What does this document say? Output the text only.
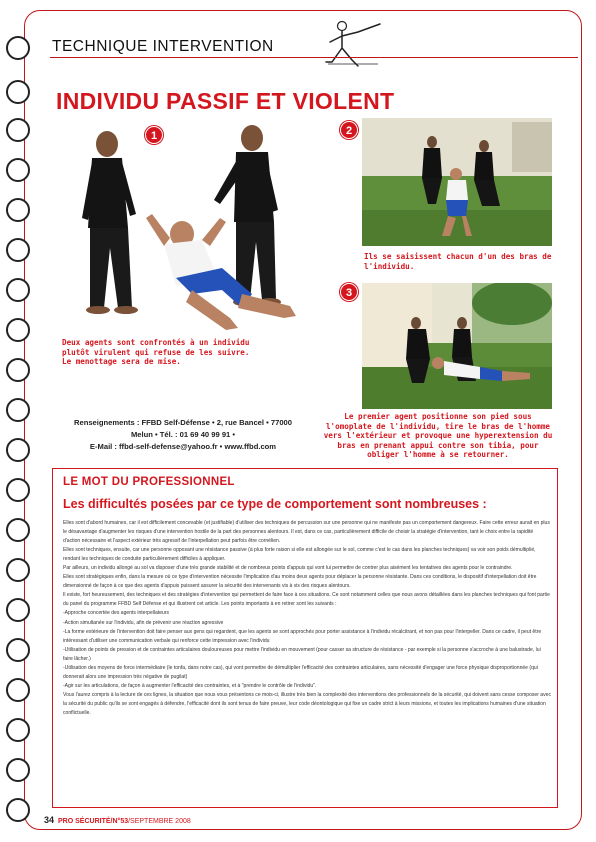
TECHNIQUE INTERVENTION
INDIVIDU PASSIF ET VIOLENT
1	2
3
Deux agents sont confrontés à un individu plutôt virulent qui refuse de les suivre. Le menottage sera de mise.
Ils se saisissent chacun d'un des bras de l'individu.
Le premier agent positionne son pied sous l'omoplate de l'individu, tire le bras de l'homme vers l'extérieur et provoque une hyperextension du bras en prenant appui contre son tibia, pour obliger l'homme à se retourner.
Renseignements : FFBD Self-Défense • 2, rue Bancel • 77000
Melun • Tél. : 01 69 40 99 91 •
E-Mail : ffbd-self-defense@yahoo.fr • www.ffbd.com
LE MOT DU PROFESSIONNEL
Les difficultés posées par ce type de comportement sont nombreuses :

Elles sont d'abord humaines, car il est difficilement concevable (et justifiable) d'utiliser des techniques de percussion sur une personne qui ne manifeste pas un comportement dangereux. Faire cette erreur aurait en plus le désavantage d'augmenter les risques d'une intervention hostile de la part des personnes alentours. Il est, dans ce cas, particulièrement difficile de choisir la stratégie d'intervention, tant le choix entre la rapidité d'action nécessaire et l'aspect extérieur très agressif de l'interpellation peut parfois être cornélien.

Elles sont techniques, ensuite, car une personne opposant une résistance passive (à plus forte raison si elle est allongée sur le sol, comme c'est le cas dans les planches techniques) va voir son poids démultiplié, rendant les techniques de conduite particulièrement difficiles à appliquer.

Par ailleurs, un individu allongé au sol va disposer d'une très grande stabilité et de nombreux points d'appuis qui vont lui permettre de contrer plus aisément les tentatives des agents pour le contraindre.

Elles sont stratégiques enfin, dans la mesure où ce type d'intervention nécessite l'implication d'au moins deux agents pour déplacer la personne résistante. Dans ces conditions, le dispositif d'interpellation doit être dimensionné de façon à ce que des agents d'appuis puissent assurer la sécurité des intervenants vis à vis des risques alentours.

Il existe, fort heureusement, des techniques et des stratégies d'intervention qui permettent de faire face à ces situations. Ce sont notamment celles que nous avons détaillées dans les planches techniques qui font partie du panel du programme FFBD Self Défense et qui illustrent cet article. Les points importants à en retirer sont les suivants :

-Approche concertée des agents interpellateurs

-Action simultanée sur l'individu, afin de prévenir une réaction agressive

-La forme extérieure de l'intervention doit faire penser aux gens qui regardent, que les agents se sont approchés pour porter assistance à l'individu récalcitrant, et non pas pour l'interpeller. Dans ce cadre, il peut être intéressant d'utiliser une communication verbale qui renforce cette impression avec l'individu

-Utilisation de points de pression et de contraintes articulaires douloureuses pour mettre l'individu en mouvement (pour casser sa structure de résistance - par exemple si la personne s'accroche à une balustrade, lui faire lâcher.)

-Utilisation des moyens de force intermédiaire (le tonfa, dans notre cas), qui vont permettre de démultiplier l'efficacité des contraintes articulaires, sans nécessité d'engager une force physique disproportionnée (qui donnerait alors une impression très négative de pugilat)

-Agir sur les articulations, de façon à augmenter l'efficacité des contraintes, et à "prendre le contrôle de l'individu".

Vous l'aurez compris à la lecture de ces lignes, la situation que nous vous présentons ce mois-ci, illustre très bien la complexité des interventions des professionnels de la sécurité, qui doivent sans cesse composer avec la sécurité du public qu'ils se sont engagés à défendre, l'efficacité dont ils sont tenus de faire preuve, leur code déontologique qui fixe un cadre strict à leurs missions, et toutes les implications humaines d'une situation conflictuelle.

34 PRO SÉCURITÉ/N°53/SEPTEMBRE 2008
